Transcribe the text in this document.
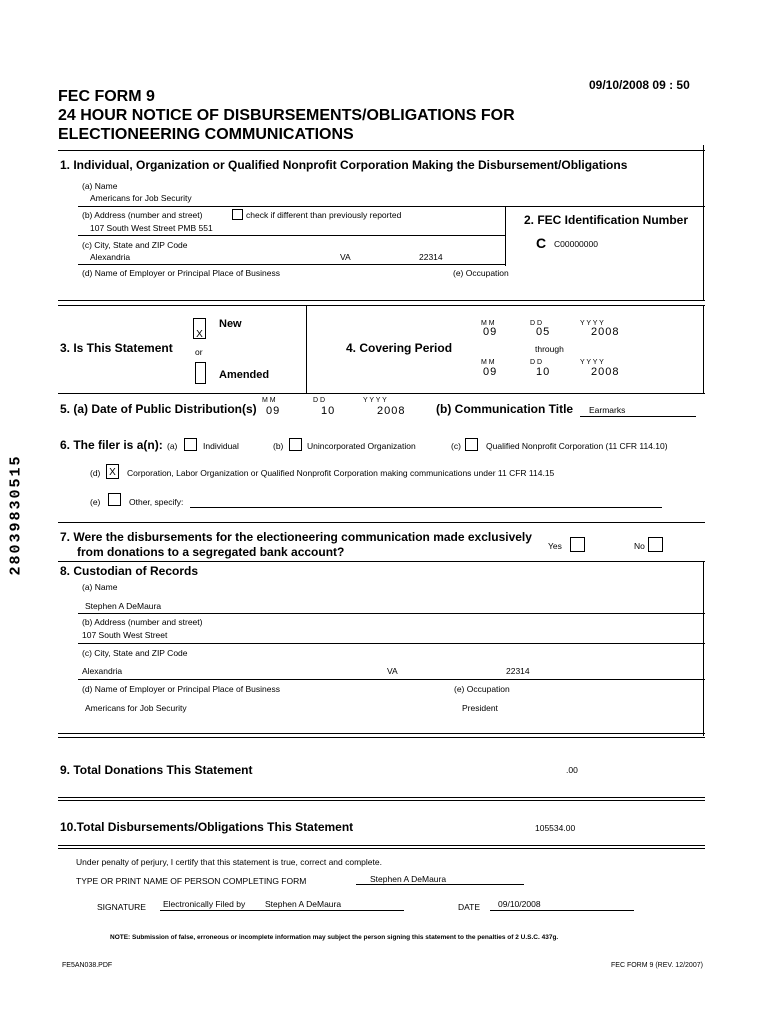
09/10/2008 09 : 50
FEC FORM 9
24 HOUR NOTICE OF DISBURSEMENTS/OBLIGATIONS FOR
ELECTIONEERING COMMUNICATIONS
28039830515
1. Individual, Organization or Qualified Nonprofit Corporation Making the Disbursement/Obligations
(a) Name
Americans for Job Security
(b) Address (number and street)	check if different than previously reported
107 South West Street PMB 551
(c) City, State and ZIP Code
Alexandria	VA	22314
(d) Name of Employer or Principal Place of Business	(e) Occupation
2. FEC Identification Number
C C00000000
X
New
3. Is This Statement	or
Amended
4. Covering Period
M M	D D	Y Y Y Y
09	05	2008
through
M M	D D	Y Y Y Y
09	10	2008
5. (a) Date of Public Distribution(s)
M M	D D	Y Y Y Y
09	10	2008	(b) Communication Title Earmarks
6. The filer is a(n): (a)	Individual	(b)	Unincorporated Organization	(c)	Qualified Nonprofit Corporation (11 CFR 114.10)
(d) X	Corporation, Labor Organization or Qualified Nonprofit Corporation making communications under 11 CFR 114.15
(e)	Other, specify:
7. Were the disbursements for the electioneering communication made exclusively
from donations to a segregated bank account?	Yes	No
8. Custodian of Records
(a) Name
Stephen A DeMaura
(b) Address (number and street)
107 South West Street
(c) City, State and ZIP Code
Alexandria	VA	22314
(d) Name of Employer or Principal Place of Business	(e) Occupation
Americans for Job Security	President
9. Total Donations This Statement	.00
10.Total Disbursements/Obligations This Statement	105534.00
Under penalty of perjury, I certify that this statement is true, correct and complete.
TYPE OR PRINT NAME OF PERSON COMPLETING FORM	Stephen A DeMaura
SIGNATURE Electronically Filed by Stephen A DeMaura	DATE 09/10/2008
NOTE: Submission of false, erroneous or incomplete information may subject the person signing this statement to the penalties of 2 U.S.C. 437g.
FE5AN038.PDF	FEC FORM 9 (REV. 12/2007)
